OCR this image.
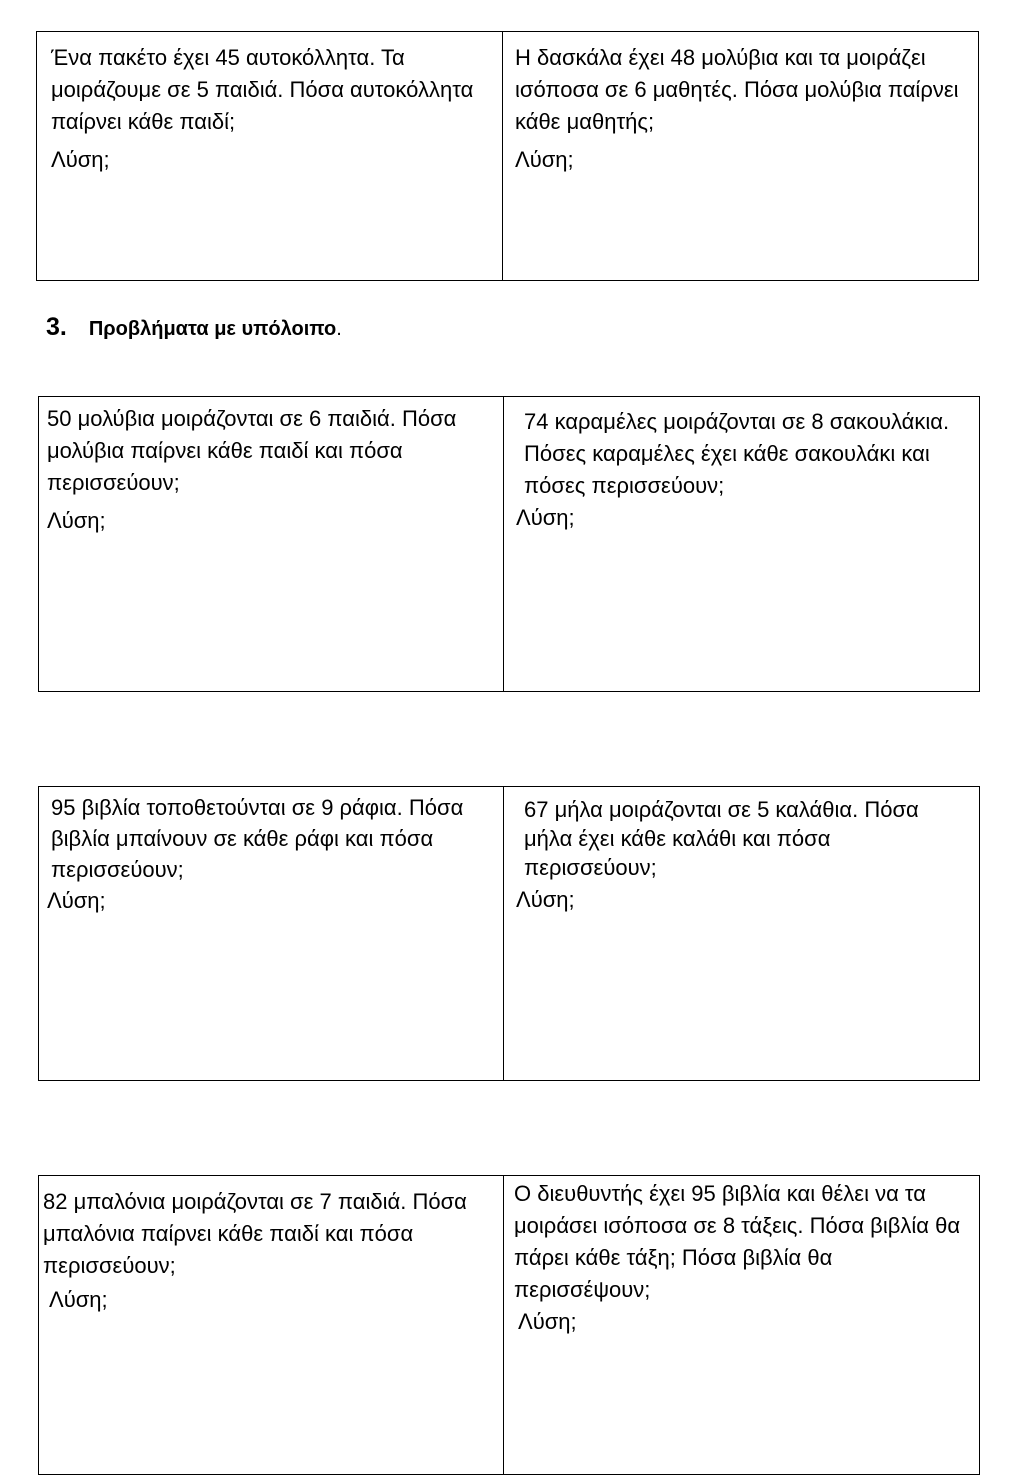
Ένα πακέτο έχει 45 αυτοκόλλητα. Τα μοιράζουμε σε 5 παιδιά. Πόσα αυτοκόλλητα παίρνει κάθε παιδί;
Λύση;
Η δασκάλα έχει 48 μολύβια και τα μοιράζει ισόποσα σε 6 μαθητές. Πόσα μολύβια παίρνει κάθε μαθητής;
Λύση;
3. Προβλήματα με υπόλοιπο .
50 μολύβια μοιράζονται σε 6 παιδιά. Πόσα μολύβια παίρνει κάθε παιδί και πόσα περισσεύουν;
Λύση;
74 καραμέλες μοιράζονται σε 8 σακουλάκια. Πόσες καραμέλες έχει κάθε σακουλάκι και πόσες περισσεύουν;
Λύση;
95 βιβλία τοποθετούνται σε 9 ράφια. Πόσα βιβλία μπαίνουν σε κάθε ράφι και πόσα περισσεύουν;
Λύση;
67 μήλα μοιράζονται σε 5 καλάθια. Πόσα μήλα έχει κάθε καλάθι και πόσα περισσεύουν;
Λύση;
82 μπαλόνια μοιράζονται σε 7 παιδιά. Πόσα μπαλόνια παίρνει κάθε παιδί και πόσα περισσεύουν;
Λύση;
Ο διευθυντής έχει 95 βιβλία και θέλει να τα μοιράσει ισόποσα σε 8 τάξεις. Πόσα βιβλία θα πάρει κάθε τάξη; Πόσα βιβλία θα περισσέψουν;
Λύση;
